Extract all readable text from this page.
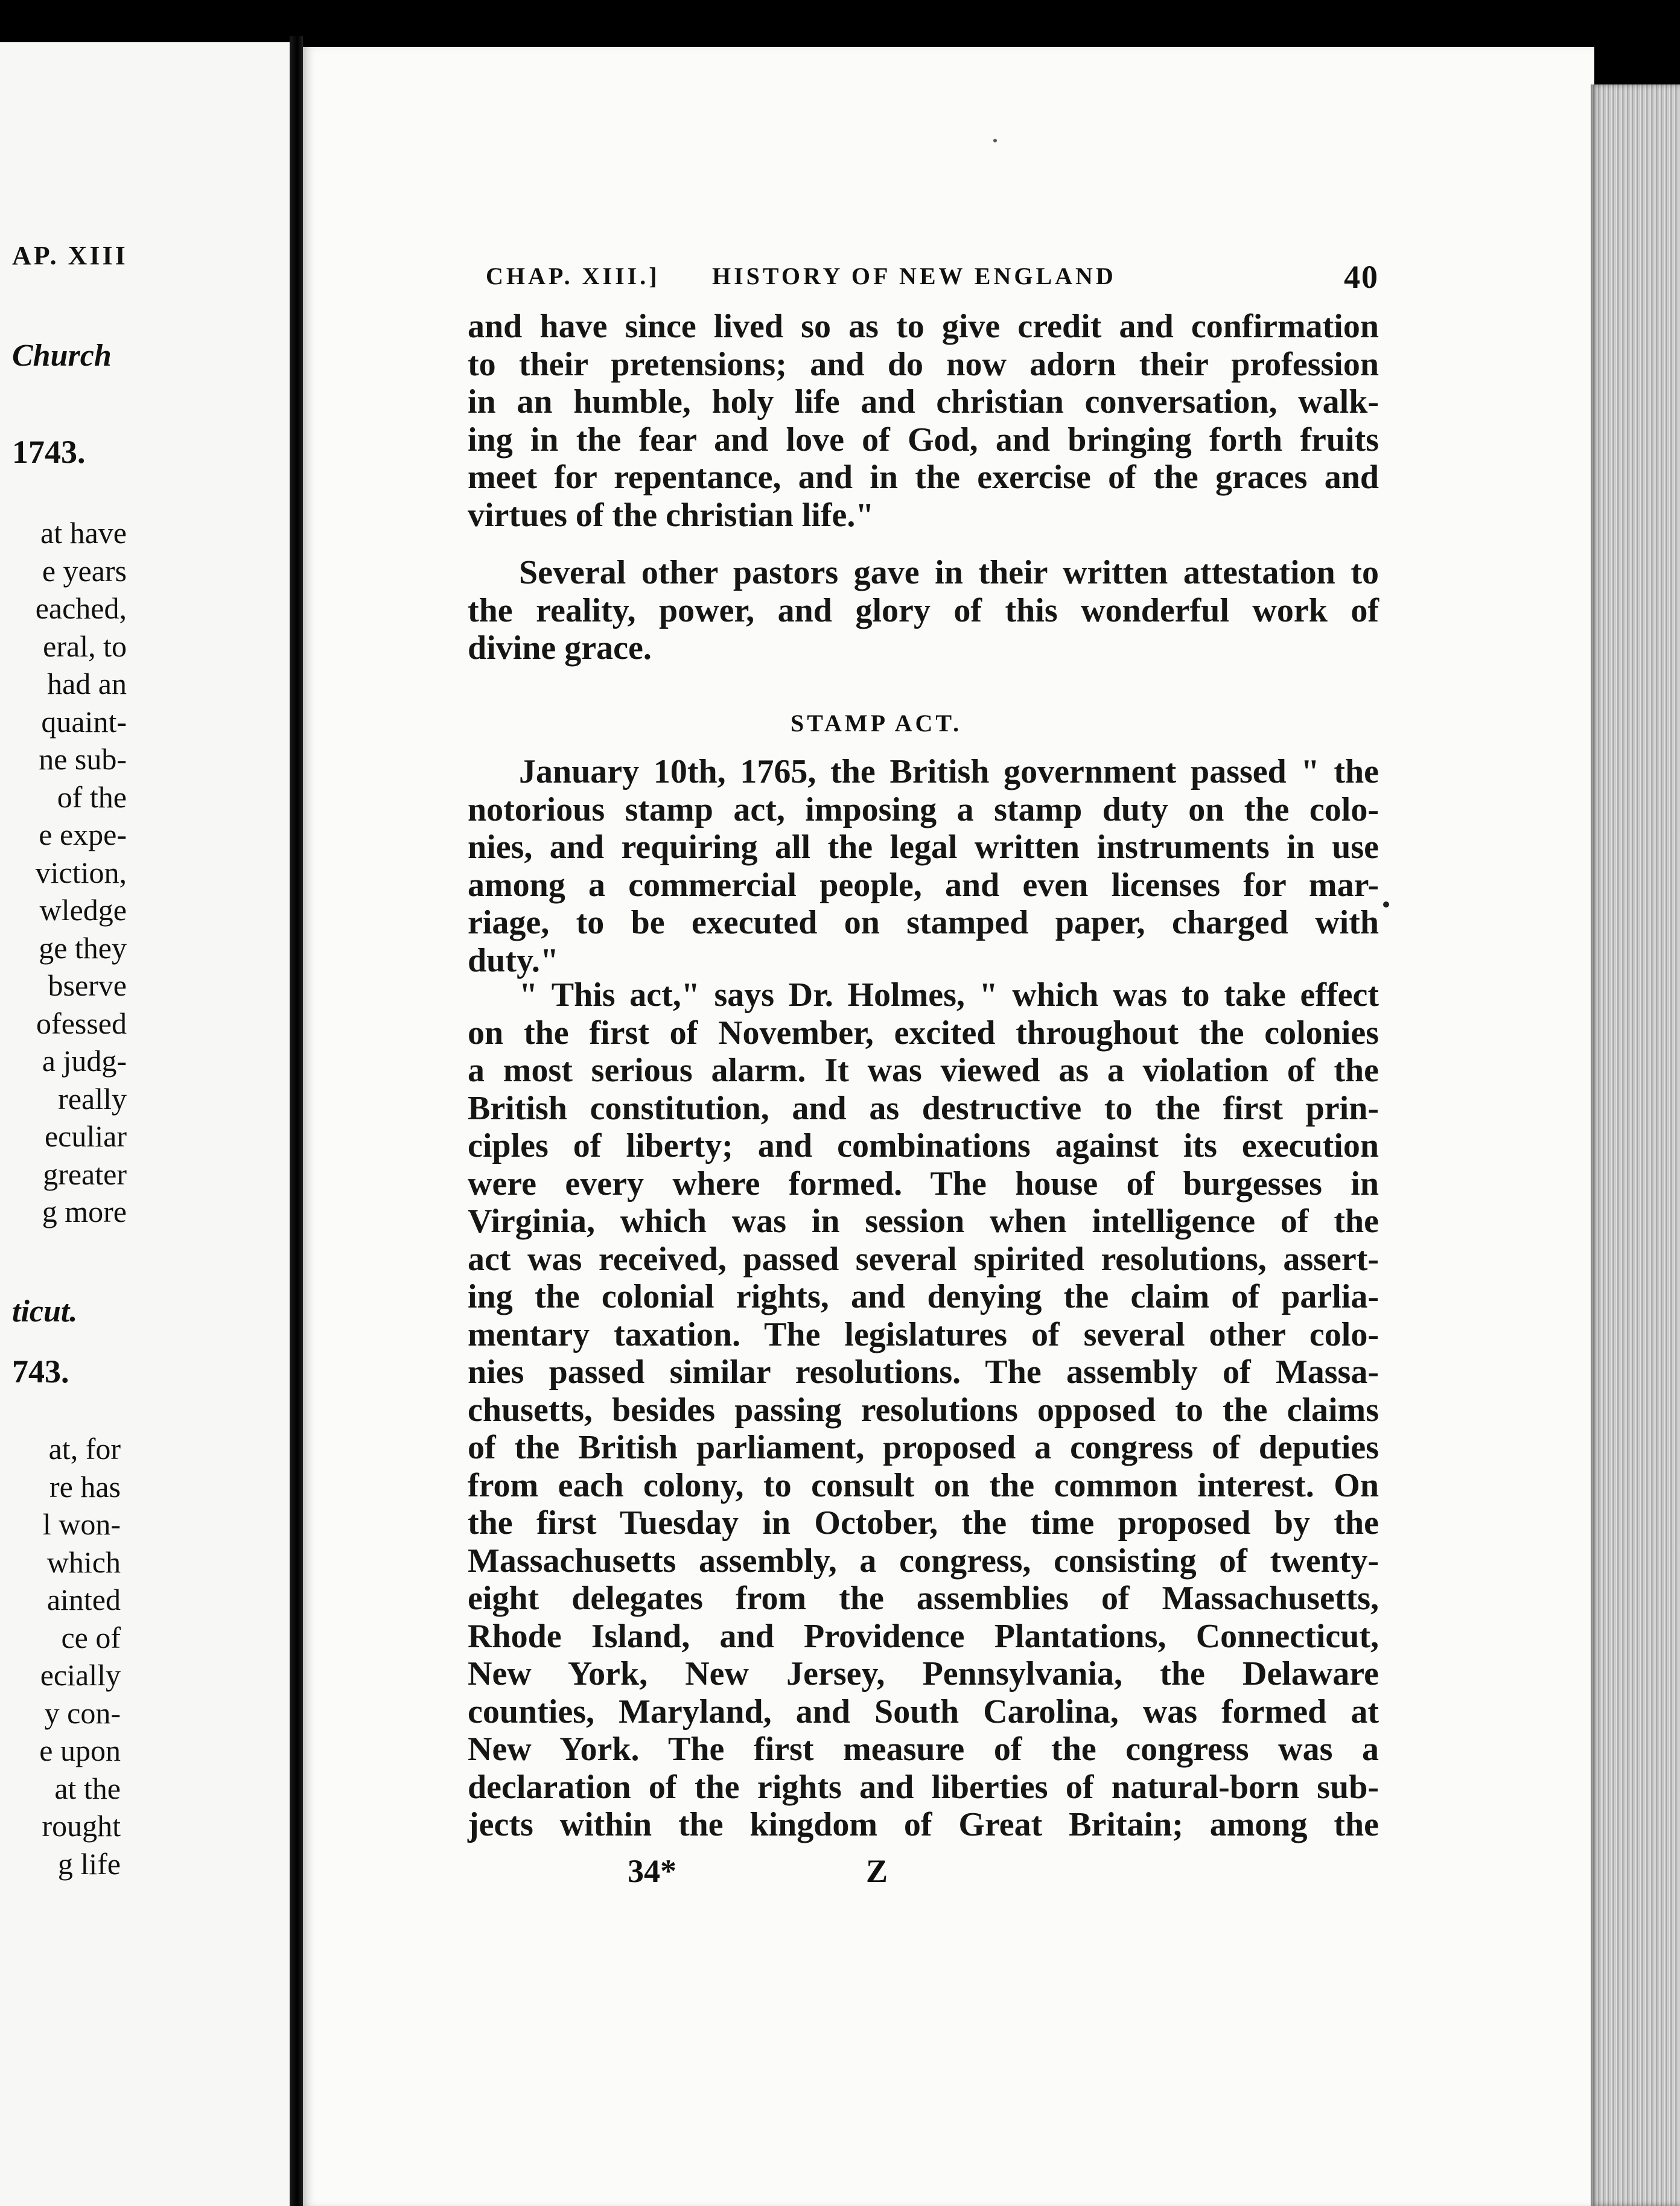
AP. XIII
Church
1743.
at have
e years
eached,
eral, to
had an
quaint-
ne sub-
of the
e expe-
viction,
wledge
ge they
bserve
ofessed
a judg-
really
eculiar
greater
g more
ticut.
743.
at, for
re has
l won-
which
ainted
ce of
ecially
y con-
e upon
at the
rought
g life
CHAP. XIII.] HISTORY OF NEW ENGLAND	40
and have since lived so as to give credit and confirmation
to their pretensions; and do now adorn their profession
in an humble, holy life and christian conversation, walk-
ing in the fear and love of God, and bringing forth fruits
meet for repentance, and in the exercise of the graces and
virtues of the christian life."
Several other pastors gave in their written attestation to
the reality, power, and glory of this wonderful work of
divine grace.
STAMP ACT.
January 10th, 1765, the British government passed " the
notorious stamp act, imposing a stamp duty on the colo-
nies, and requiring all the legal written instruments in use
among a commercial people, and even licenses for mar-
riage, to be executed on stamped paper, charged with
duty."
" This act," says Dr. Holmes, " which was to take effect
on the first of November, excited throughout the colonies
a most serious alarm. It was viewed as a violation of the
British constitution, and as destructive to the first prin-
ciples of liberty; and combinations against its execution
were every where formed. The house of burgesses in
Virginia, which was in session when intelligence of the
act was received, passed several spirited resolutions, assert-
ing the colonial rights, and denying the claim of parlia-
mentary taxation. The legislatures of several other colo-
nies passed similar resolutions. The assembly of Massa-
chusetts, besides passing resolutions opposed to the claims
of the British parliament, proposed a congress of deputies
from each colony, to consult on the common interest. On
the first Tuesday in October, the time proposed by the
Massachusetts assembly, a congress, consisting of twenty-
eight delegates from the assemblies of Massachusetts,
Rhode Island, and Providence Plantations, Connecticut,
New York, New Jersey, Pennsylvania, the Delaware
counties, Maryland, and South Carolina, was formed at
New York. The first measure of the congress was a
declaration of the rights and liberties of natural-born sub-
jects within the kingdom of Great Britain; among the
34*	Z
